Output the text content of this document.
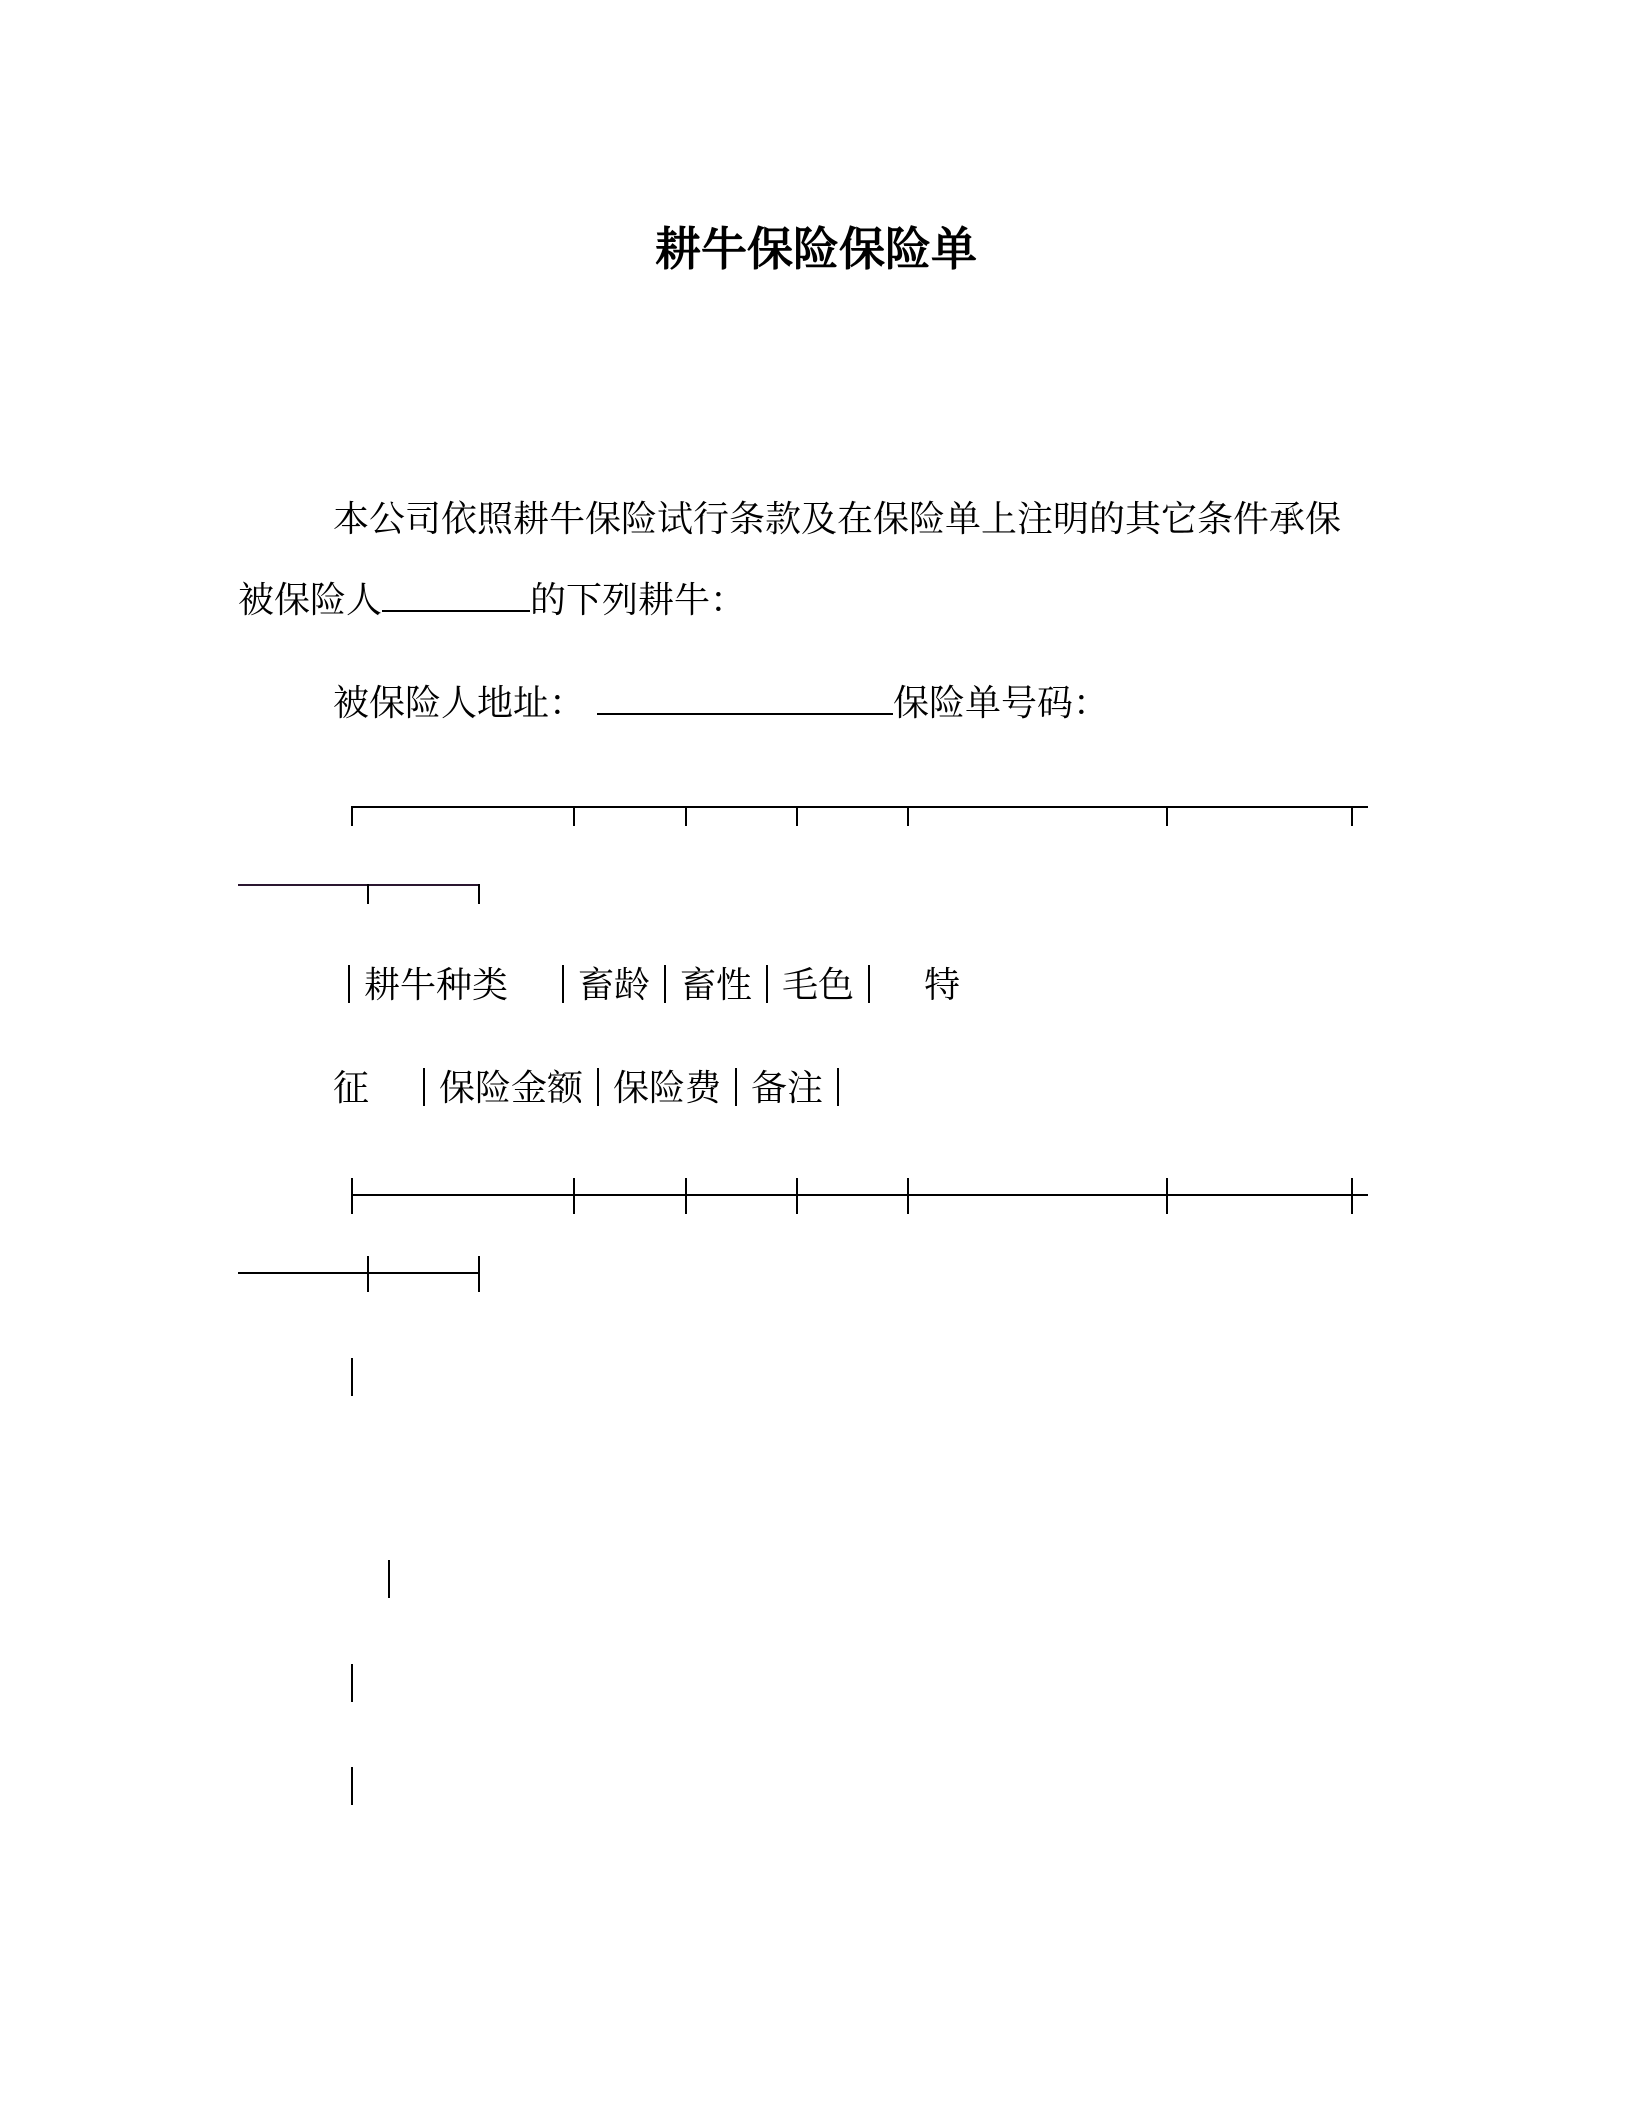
耕牛保险保险单
本公司依照耕牛保险试行条款及在保险单上注明的其它条件承保
被保险人	的下列耕牛：
被保险人地址：	保险单号码：
耕牛种类 畜龄 畜性 毛色 特
征 保险金额 保险费 备注
